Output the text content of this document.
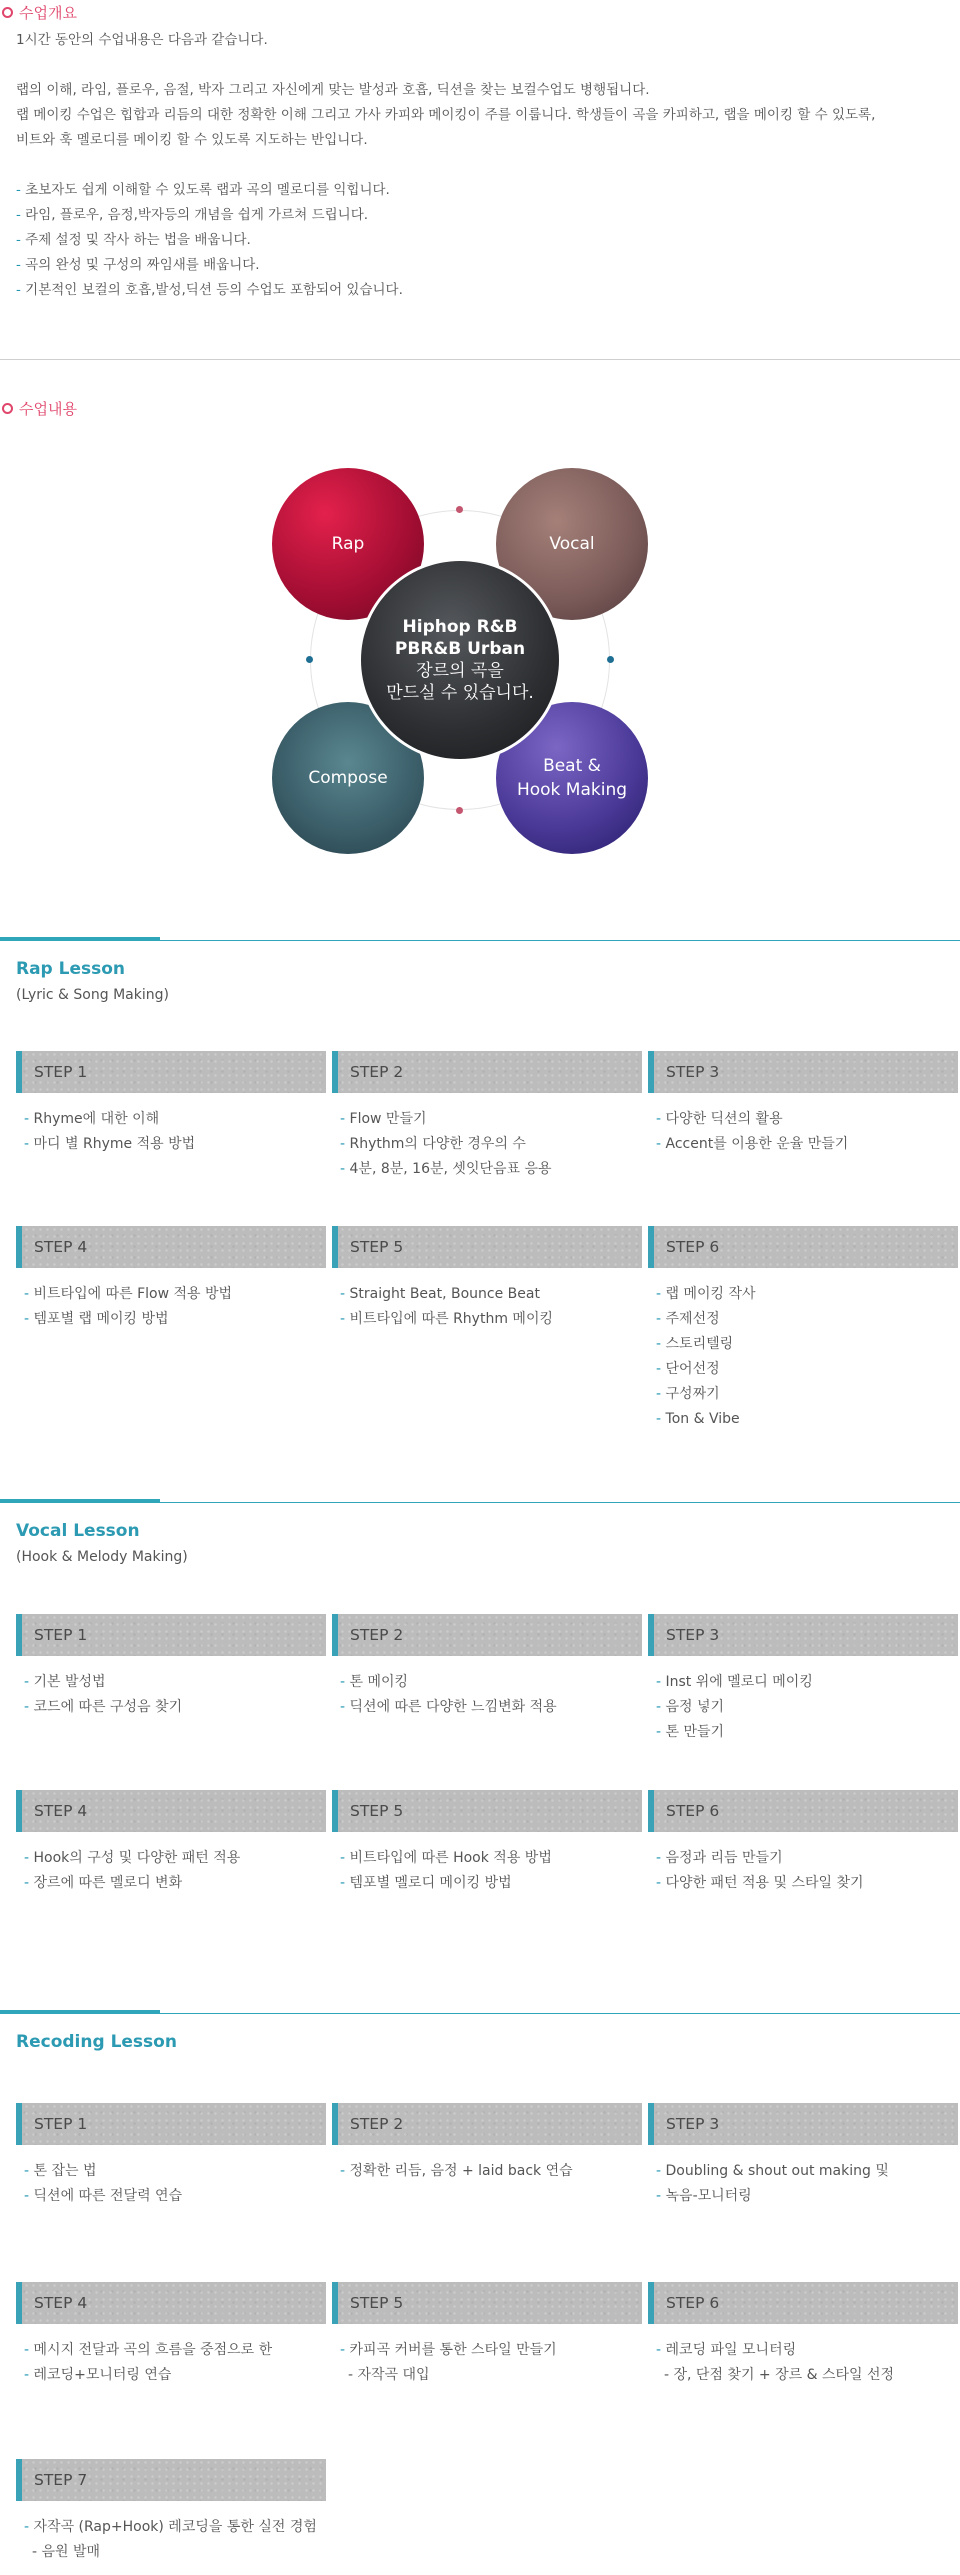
수업개요

1시간 동안의 수업내용은 다음과 같습니다.

랩의 이해, 라임, 플로우, 음절, 박자 그리고 자신에게 맞는 발성과 호흡, 딕션을 찾는 보컬수업도 병행됩니다.
랩 메이킹 수업은 힙합과 리듬의 대한 정확한 이해 그리고 가사 카피와 메이킹이 주를 이룹니다. 학생들이 곡을 카피하고, 랩을 메이킹 할 수 있도록,
비트와 훅 멜로디를 메이킹 할 수 있도록 지도하는 반입니다.
- 초보자도 쉽게 이해할 수 있도록 랩과 곡의 멜로디를 익힙니다.
- 라임, 플로우, 음정,박자등의 개념을 쉽게 가르쳐 드립니다.
- 주제 설정 및 작사 하는 법을 배웁니다.
- 곡의 완성 및 구성의 짜임새를 배웁니다.
- 기본적인 보컬의 호흡,발성,딕션 등의 수업도 포함되어 있습니다.
수업내용
Rap	Vocal
Compose
Beat &
Hook Making
Hiphop R&B
PBR&B Urban
장르의 곡을
만드실 수 있습니다.
Rap Lesson

(Lyric & Song Making)

STEP 1
- Rhyme에 대한 이해
- 마디 별 Rhyme 적용 방법
STEP 2
- Flow 만들기
- Rhythm의 다양한 경우의 수
- 4분, 8분, 16분, 셋잇단음표 응용
STEP 3
- 다양한 딕션의 활용
- Accent를 이용한 운율 만들기
STEP 4
- 비트타입에 따른 Flow 적용 방법
- 템포별 랩 메이킹 방법
STEP 5
- Straight Beat, Bounce Beat
- 비트타입에 따른 Rhythm 메이킹
STEP 6
- 랩 메이킹 작사
- 주제선정
- 스토리텔링
- 단어선정
- 구성짜기
- Ton & Vibe
Vocal Lesson

(Hook & Melody Making)

STEP 1
- 기본 발성법
- 코드에 따른 구성음 찾기
STEP 2
- 톤 메이킹
- 딕션에 따른 다양한 느낌변화 적용
STEP 3
- Inst 위에 멜로디 메이킹
- 음정 넣기
- 톤 만들기
STEP 4
- Hook의 구성 및 다양한 패턴 적용
- 장르에 따른 멜로디 변화
STEP 5
- 비트타입에 따른 Hook 적용 방법
- 템포별 멜로디 메이킹 방법
STEP 6
- 음정과 리듬 만들기
- 다양한 패턴 적용 및 스타일 찾기
Recoding Lesson
STEP 1
- 톤 잡는 법
- 딕션에 따른 전달력 연습
STEP 2
- 정확한 리듬, 음정 + laid back 연습
STEP 3
- Doubling & shout out making 및
- 녹음-모니터링
STEP 4
- 메시지 전달과 곡의 흐름을 중점으로 한
- 레코딩+모니터링 연습
STEP 5
- 카피곡 커버를 통한 스타일 만들기
- 자작곡 대입
STEP 6
- 레코딩 파일 모니터링
- 장, 단점 찾기 + 장르 & 스타일 선정
STEP 7
- 자작곡 (Rap+Hook) 레코딩을 통한 실전 경험
- 음원 발매
